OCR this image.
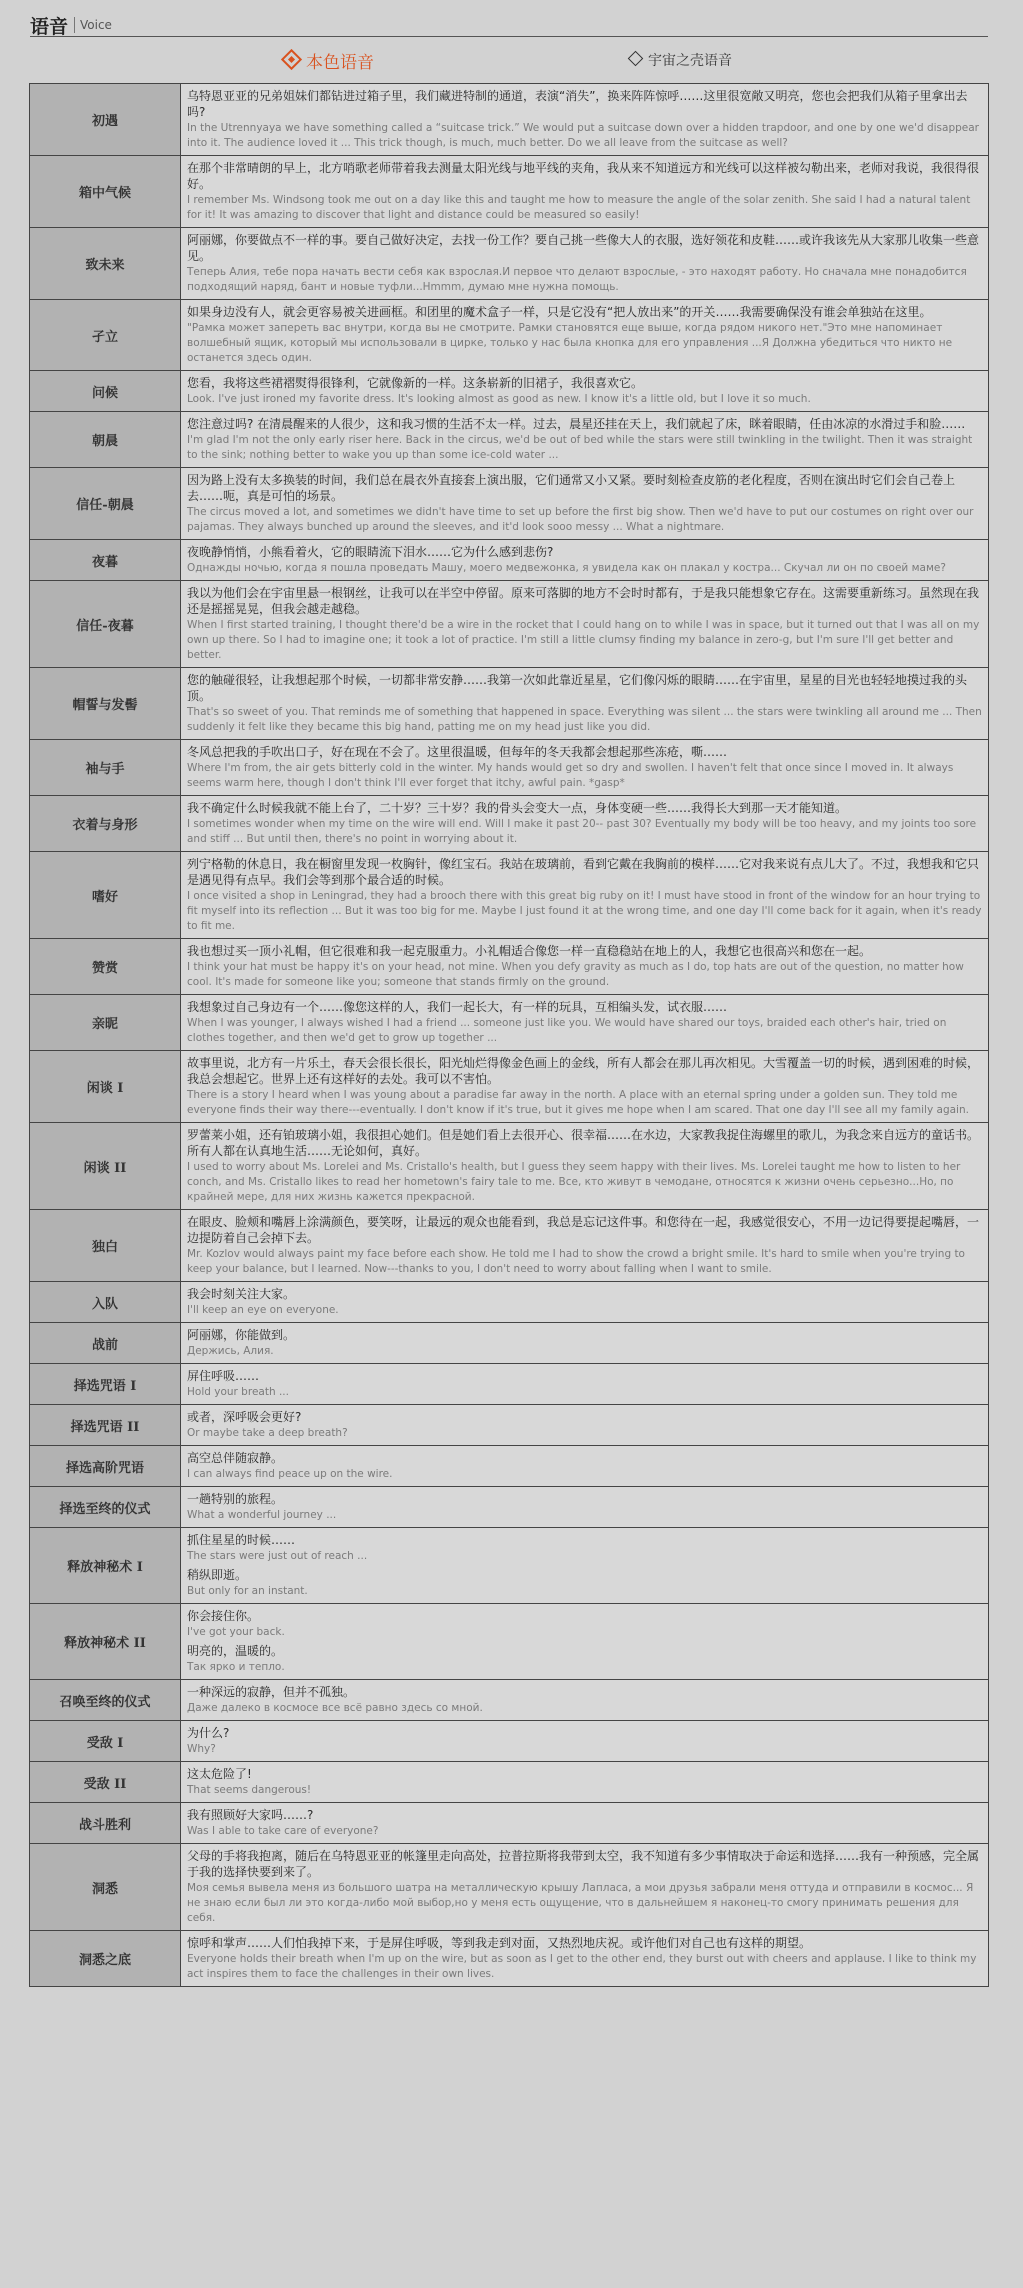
语音 Voice
本色语音	宇宙之壳语音
初遇	乌特恩亚亚的兄弟姐妹们都钻进过箱子里，我们藏进特制的通道，表演“消失”，换来阵阵惊呼……这里很宽敞又明亮，您也会把我们从箱子里拿出去吗?
In the Utrennyaya we have something called a “suitcase trick.” We would put a suitcase down over a hidden trapdoor, and one by one we'd disappear into it. The audience loved it ... This trick though, is much, much better. Do we all leave from the suitcase as well?

箱中气候	在那个非常晴朗的早上，北方哨歌老师带着我去测量太阳光线与地平线的夹角，我从来不知道远方和光线可以这样被勾勒出来，老师对我说，我很得很好。
I remember Ms. Windsong took me out on a day like this and taught me how to measure the angle of the solar zenith. She said I had a natural talent for it! It was amazing to discover that light and distance could be measured so easily!

致未来	阿丽娜，你要做点不一样的事。要自己做好决定，去找一份工作？要自己挑一些像大人的衣服，选好领花和皮鞋……或许我该先从大家那儿收集一些意见。
Теперь Алия, тебе пора начать вести себя как взрослая.И первое что делают взрослые, - это находят работу. Но сначала мне понадобится подходящий наряд, бант и новые туфли...Hmmm, думаю мне нужна помощь.

孑立	如果身边没有人，就会更容易被关进画框。和团里的魔术盒子一样，只是它没有“把人放出来”的开关……我需要确保没有谁会单独站在这里。
"Рамка может запереть вас внутри, когда вы не смотрите. Рамки становятся еще выше, когда рядом никого нет."Это мне напоминает волшебный ящик, который мы использовали в цирке, только у нас была кнопка для его управления ...Я Должна убедиться что никто не останется здесь один.

问候	您看，我将这些裙褶熨得很锋利，它就像新的一样。这条崭新的旧裙子，我很喜欢它。
Look. I've just ironed my favorite dress. It's looking almost as good as new. I know it's a little old, but I love it so much.

朝晨	您注意过吗? 在清晨醒来的人很少，这和我习惯的生活不太一样。过去，晨星还挂在天上，我们就起了床，眯着眼睛，任由冰凉的水滑过手和脸……
I'm glad I'm not the only early riser here. Back in the circus, we'd be out of bed while the stars were still twinkling in the twilight. Then it was straight to the sink; nothing better to wake you up than some ice-cold water ...

信任-朝晨	因为路上没有太多换装的时间，我们总在晨衣外直接套上演出服，它们通常又小又紧。要时刻检查皮筋的老化程度，否则在演出时它们会自己卷上去……呃，真是可怕的场景。
The circus moved a lot, and sometimes we didn't have time to set up before the first big show. Then we'd have to put our costumes on right over our pajamas. They always bunched up around the sleeves, and it'd look sooo messy ... What a nightmare.

夜暮	夜晚静悄悄，小熊看着火，它的眼睛流下泪水……它为什么感到悲伤?
Однажды ночью, когда я пошла проведать Машу, моего медвежонка, я увидела как он плакал у костра... Скучал ли он по своей маме?

信任-夜暮	我以为他们会在宇宙里悬一根钢丝，让我可以在半空中停留。原来可落脚的地方不会时时都有，于是我只能想象它存在。这需要重新练习。虽然现在我还是摇摇晃晃，但我会越走越稳。
When I first started training, I thought there'd be a wire in the rocket that I could hang on to while I was in space, but it turned out that I was all on my own up there. So I had to imagine one; it took a lot of practice. I'm still a little clumsy finding my balance in zero-g, but I'm sure I'll get better and better.

帽誓与发髻	您的触碰很轻，让我想起那个时候，一切都非常安静……我第一次如此靠近星星，它们像闪烁的眼睛……在宇宙里，星星的目光也轻轻地摸过我的头顶。
That's so sweet of you. That reminds me of something that happened in space. Everything was silent ... the stars were twinkling all around me ... Then suddenly it felt like they became this big hand, patting me on my head just like you did.

袖与手	冬风总把我的手吹出口子，好在现在不会了。这里很温暖，但每年的冬天我都会想起那些冻疮，嘶……
Where I'm from, the air gets bitterly cold in the winter. My hands would get so dry and swollen. I haven't felt that once since I moved in. It always seems warm here, though I don't think I'll ever forget that itchy, awful pain. *gasp*

衣着与身形	我不确定什么时候我就不能上台了，二十岁？三十岁？我的骨头会变大一点，身体变硬一些……我得长大到那一天才能知道。
I sometimes wonder when my time on the wire will end. Will I make it past 20-- past 30? Eventually my body will be too heavy, and my joints too sore and stiff ... But until then, there's no point in worrying about it.

嗜好	列宁格勒的休息日，我在橱窗里发现一枚胸针，像红宝石。我站在玻璃前，看到它戴在我胸前的模样……它对我来说有点儿大了。不过，我想我和它只是遇见得有点早。我们会等到那个最合适的时候。
I once visited a shop in Leningrad, they had a brooch there with this great big ruby on it! I must have stood in front of the window for an hour trying to fit myself into its reflection ... But it was too big for me. Maybe I just found it at the wrong time, and one day I'll come back for it again, when it's ready to fit me.

赞赏	我也想过买一顶小礼帽，但它很难和我一起克服重力。小礼帽适合像您一样一直稳稳站在地上的人，我想它也很高兴和您在一起。
I think your hat must be happy it's on your head, not mine. When you defy gravity as much as I do, top hats are out of the question, no matter how cool. It's made for someone like you; someone that stands firmly on the ground.

亲昵	我想象过自己身边有一个……像您这样的人，我们一起长大，有一样的玩具，互相编头发，试衣服……
When I was younger, I always wished I had a friend ... someone just like you. We would have shared our toys, braided each other's hair, tried on clothes together, and then we'd get to grow up together ...

闲谈 I	故事里说，北方有一片乐土，春天会很长很长，阳光灿烂得像金色画上的金线，所有人都会在那儿再次相见。大雪覆盖一切的时候，遇到困难的时候，我总会想起它。世界上还有这样好的去处。我可以不害怕。
There is a story I heard when I was young about a paradise far away in the north. A place with an eternal spring under a golden sun. They told me everyone finds their way there---eventually. I don't know if it's true, but it gives me hope when I am scared. That one day I'll see all my family again.

闲谈 II	罗蕾莱小姐，还有铂玻璃小姐，我很担心她们。但是她们看上去很开心、很幸福……在水边，大家教我捉住海螺里的歌儿，为我念来自远方的童话书。所有人都在认真地生活……无论如何，真好。
I used to worry about Ms. Lorelei and Ms. Cristallo's health, but I guess they seem happy with their lives. Ms. Lorelei taught me how to listen to her conch, and Ms. Cristallo likes to read her hometown's fairy tale to me. Все, кто живут в чемодане, относятся к жизни очень серьезно...Но, по крайней мере, для них жизнь кажется прекрасной.

独白	在眼皮、脸颊和嘴唇上涂满颜色，要笑呀，让最远的观众也能看到，我总是忘记这件事。和您待在一起，我感觉很安心，不用一边记得要提起嘴唇，一边提防着自己会掉下去。
Mr. Kozlov would always paint my face before each show. He told me I had to show the crowd a bright smile. It's hard to smile when you're trying to keep your balance, but I learned. Now---thanks to you, I don't need to worry about falling when I want to smile.

入队	我会时刻关注大家。
I'll keep an eye on everyone.

战前	阿丽娜，你能做到。
Держись, Алия.

择选咒语 I	屏住呼吸……
Hold your breath ...

择选咒语 II	或者，深呼吸会更好?
Or maybe take a deep breath?

择选高阶咒语	高空总伴随寂静。
I can always find peace up on the wire.

择选至终的仪式	一趟特别的旅程。
What a wonderful journey ...

释放神秘术 I	抓住星星的时候……
The stars were just out of reach ...
稍纵即逝。
But only for an instant.

释放神秘术 II	你会接住你。
I've got your back.
明亮的，温暖的。
Так ярко и тепло.

召唤至终的仪式	一种深远的寂静，但并不孤独。
Даже далеко в космосе все всё равно здесь со мной.

受敌 I	为什么?
Why?

受敌 II	这太危险了!
That seems dangerous!

战斗胜利	我有照顾好大家吗……?
Was I able to take care of everyone?

洞悉	父母的手将我抱离，随后在乌特恩亚亚的帐篷里走向高处，拉普拉斯将我带到太空，我不知道有多少事情取决于命运和选择……我有一种预感，完全属于我的选择快要到来了。
Моя семья вывела меня из большого шатра на металлическую крышу Лапласа, а мои друзья забрали меня оттуда и отправили в космос... Я не знаю если был ли это когда-либо мой выбор,но у меня есть ощущение, что в дальнейшем я наконец-то смогу принимать решения для себя.

洞悉之底	惊呼和掌声……人们怕我掉下来，于是屏住呼吸，等到我走到对面，又热烈地庆祝。或许他们对自己也有这样的期望。
Everyone holds their breath when I'm up on the wire, but as soon as I get to the other end, they burst out with cheers and applause. I like to think my act inspires them to face the challenges in their own lives.
